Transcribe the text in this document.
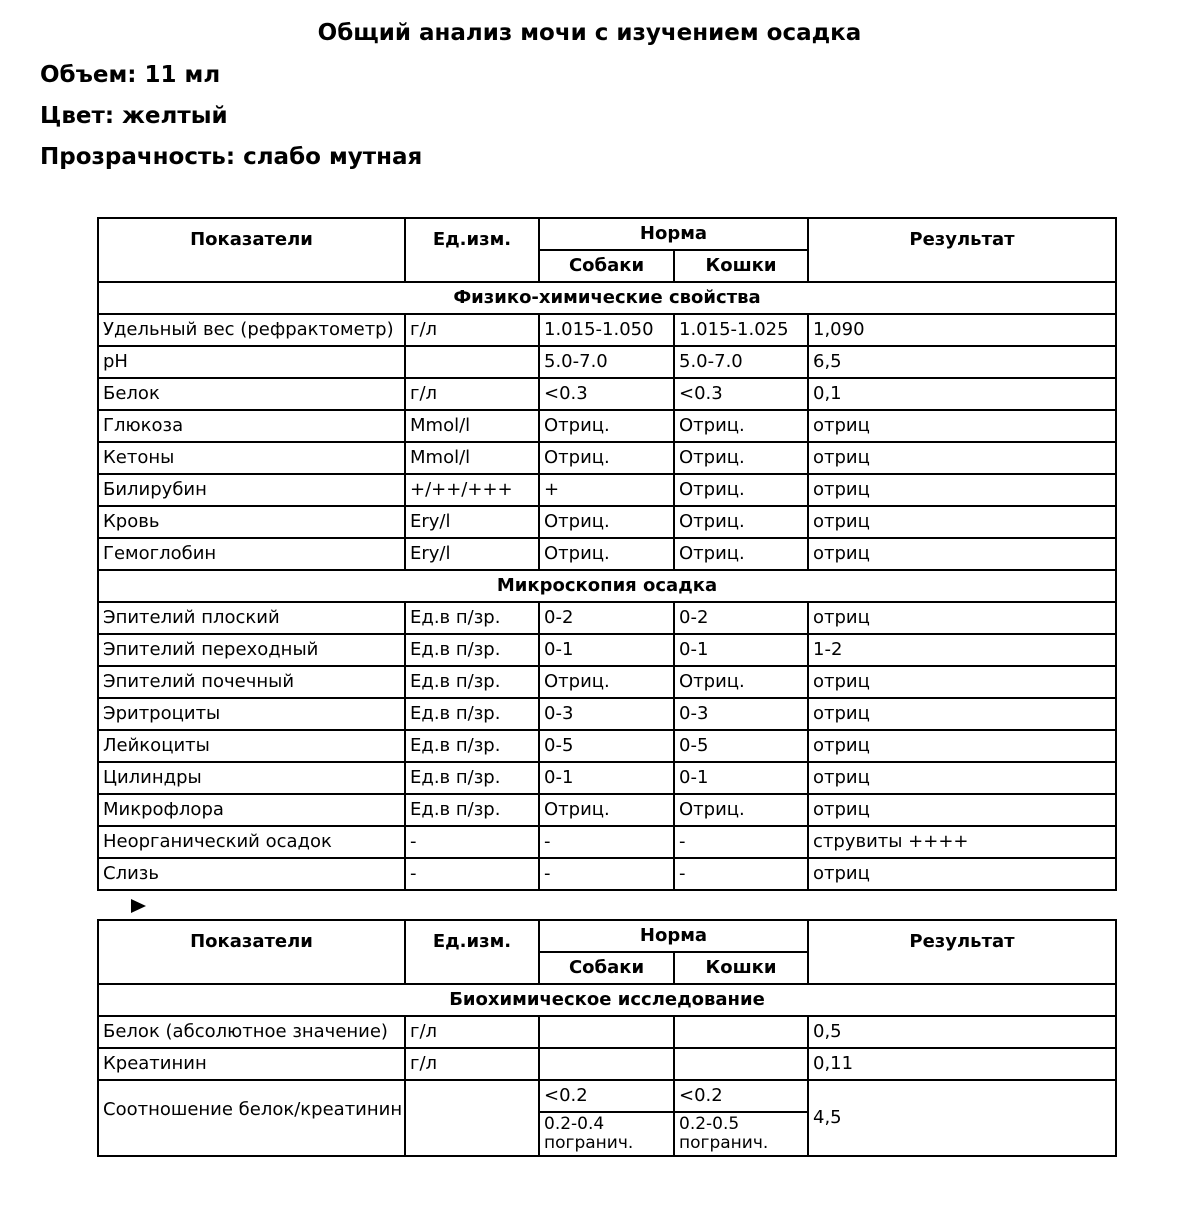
Общий анализ мочи с изучением осадка

Объем: 11 мл

Цвет: желтый

Прозрачность: слабо мутная

Показатели	Ед.изм.	Норма		Результат
		Собаки	Кошки	
Физико-химические свойства				
Удельный вес (рефрактометр)	г/л	1.015-1.050	1.015-1.025	1,090
pH		5.0-7.0	5.0-7.0	6,5
Белок	г/л	<0.3	<0.3	0,1
Глюкоза	Mmol/l	Отриц.	Отриц.	отриц
Кетоны	Mmol/l	Отриц.	Отриц.	отриц
Билирубин	+/++/+++	+	Отриц.	отриц
Кровь	Ery/l	Отриц.	Отриц.	отриц
Гемоглобин	Ery/l	Отриц.	Отриц.	отриц
Микроскопия осадка				
Эпителий плоский	Ед.в п/зр.	0-2	0-2	отриц
Эпителий переходный	Ед.в п/зр.	0-1	0-1	1-2
Эпителий почечный	Ед.в п/зр.	Отриц.	Отриц.	отриц
Эритроциты	Ед.в п/зр.	0-3	0-3	отриц
Лейкоциты	Ед.в п/зр.	0-5	0-5	отриц
Цилиндры	Ед.в п/зр.	0-1	0-1	отриц
Микрофлора	Ед.в п/зр.	Отриц.	Отриц.	отриц
Неорганический осадок	-	-	-	струвиты ++++
Слизь	-	-	-	отриц
Показатели	Ед.изм.	Норма		Результат
		Собаки	Кошки	
Биохимическое исследование				
Белок (абсолютное значение)	г/л			0,5
Креатинин	г/л			0,11
Соотношение белок/креатинин		<0.2	<0.2	4,5
		0.2-0.4 погранич.	0.2-0.5 погранич.	
